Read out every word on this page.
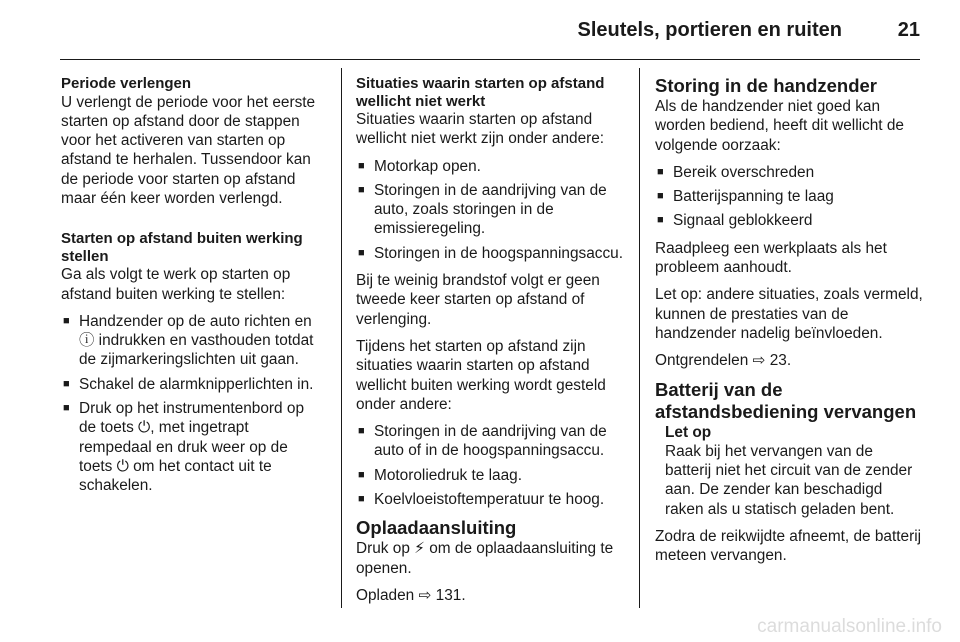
Sleutels, portieren en ruiten	21
Periode verlengen
U verlengt de periode voor het eerste starten op afstand door de stappen voor het activeren van starten op afstand te herhalen. Tussendoor kan de periode voor starten op afstand maar één keer worden verlengd.
Starten op afstand buiten werking stellen
Ga als volgt te werk op starten op afstand buiten werking te stellen:
■ Handzender op de auto richten en ⓘ indrukken en vasthouden totdat de zijmarkeringslichten uit gaan.
■ Schakel de alarmknipperlichten in.
■ Druk op het instrumentenbord op de toets ⏻, met ingetrapt rempedaal en druk weer op de toets ⏻ om het contact uit te schakelen.
Situaties waarin starten op afstand wellicht niet werkt
Situaties waarin starten op afstand wellicht niet werkt zijn onder andere:
■ Motorkap open.
■ Storingen in de aandrijving van de auto, zoals storingen in de emissieregeling.
■ Storingen in de hoogspanningsaccu.
Bij te weinig brandstof volgt er geen tweede keer starten op afstand of verlenging.
Tijdens het starten op afstand zijn situaties waarin starten op afstand wellicht buiten werking wordt gesteld onder andere:
■ Storingen in de aandrijving van de auto of in de hoogspanningsaccu.
■ Motoroliedruk te laag.
■ Koelvloeistoftemperatuur te hoog.
Oplaadaansluiting
Druk op ⚡ om de oplaadaansluiting te openen.
Opladen ⇨ 131.
Storing in de handzender
Als de handzender niet goed kan worden bediend, heeft dit wellicht de volgende oorzaak:
■ Bereik overschreden
■ Batterijspanning te laag
■ Signaal geblokkeerd
Raadpleeg een werkplaats als het probleem aanhoudt.
Let op: andere situaties, zoals vermeld, kunnen de prestaties van de handzender nadelig beïnvloeden.
Ontgrendelen ⇨ 23.
Batterij van de afstandsbediening vervangen
Let op
Raak bij het vervangen van de batterij niet het circuit van de zender aan. De zender kan beschadigd raken als u statisch geladen bent.
Zodra de reikwijdte afneemt, de batterij meteen vervangen.
carmanualsonline.info
